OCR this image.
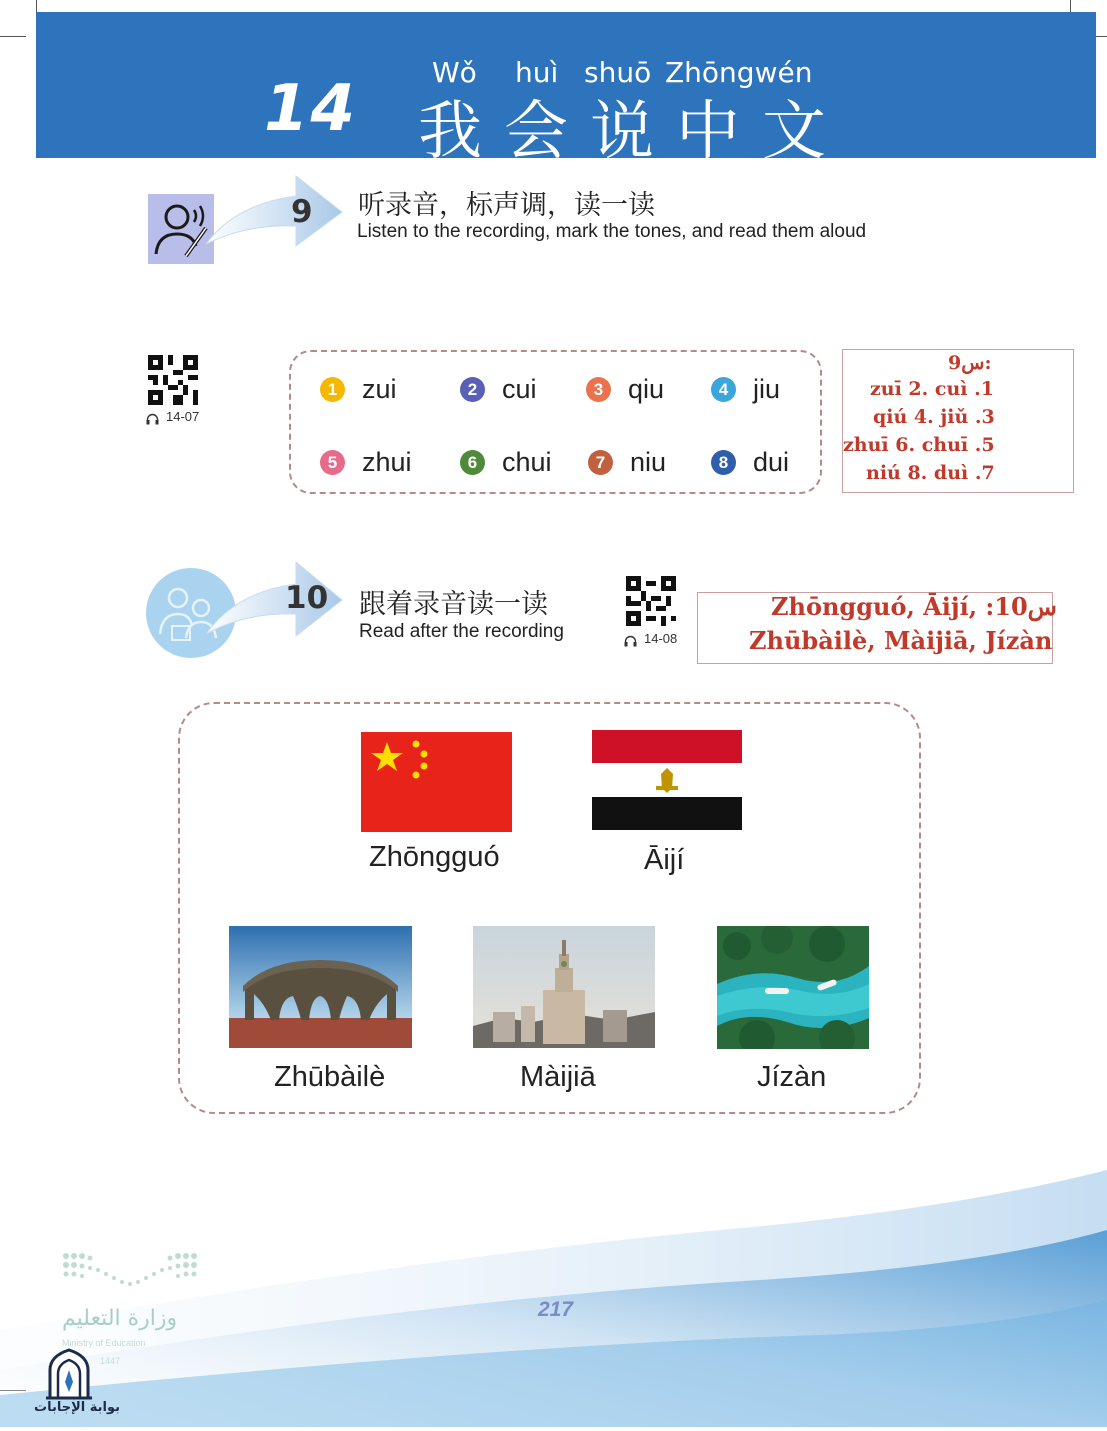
14	Wǒ huì shuō Zhōngwén
我会说中文
9 听录音，标声调，读一读
Listen to the recording, mark the tones, and read them aloud
14-07
1 zui	2 cui	3 qiu	4 jiu
5 zhui	6 chui	7 niu	8 dui
س9:
zuī 2. cuì .1
qiú 4. jiǔ .3
zhuī 6. chuī .5
niú 8. duì .7
10 跟着录音读一读
Read after the recording	14-08
Zhōngguó, Āijí, :س10
Zhūbàilè, Màijiā, Jízàn
Zhōngguó	Āijí
Zhūbàilè	Màijiā	Jízàn
217
وزارة التعليم
Ministry of Education
1447
بوابة الإجابات
